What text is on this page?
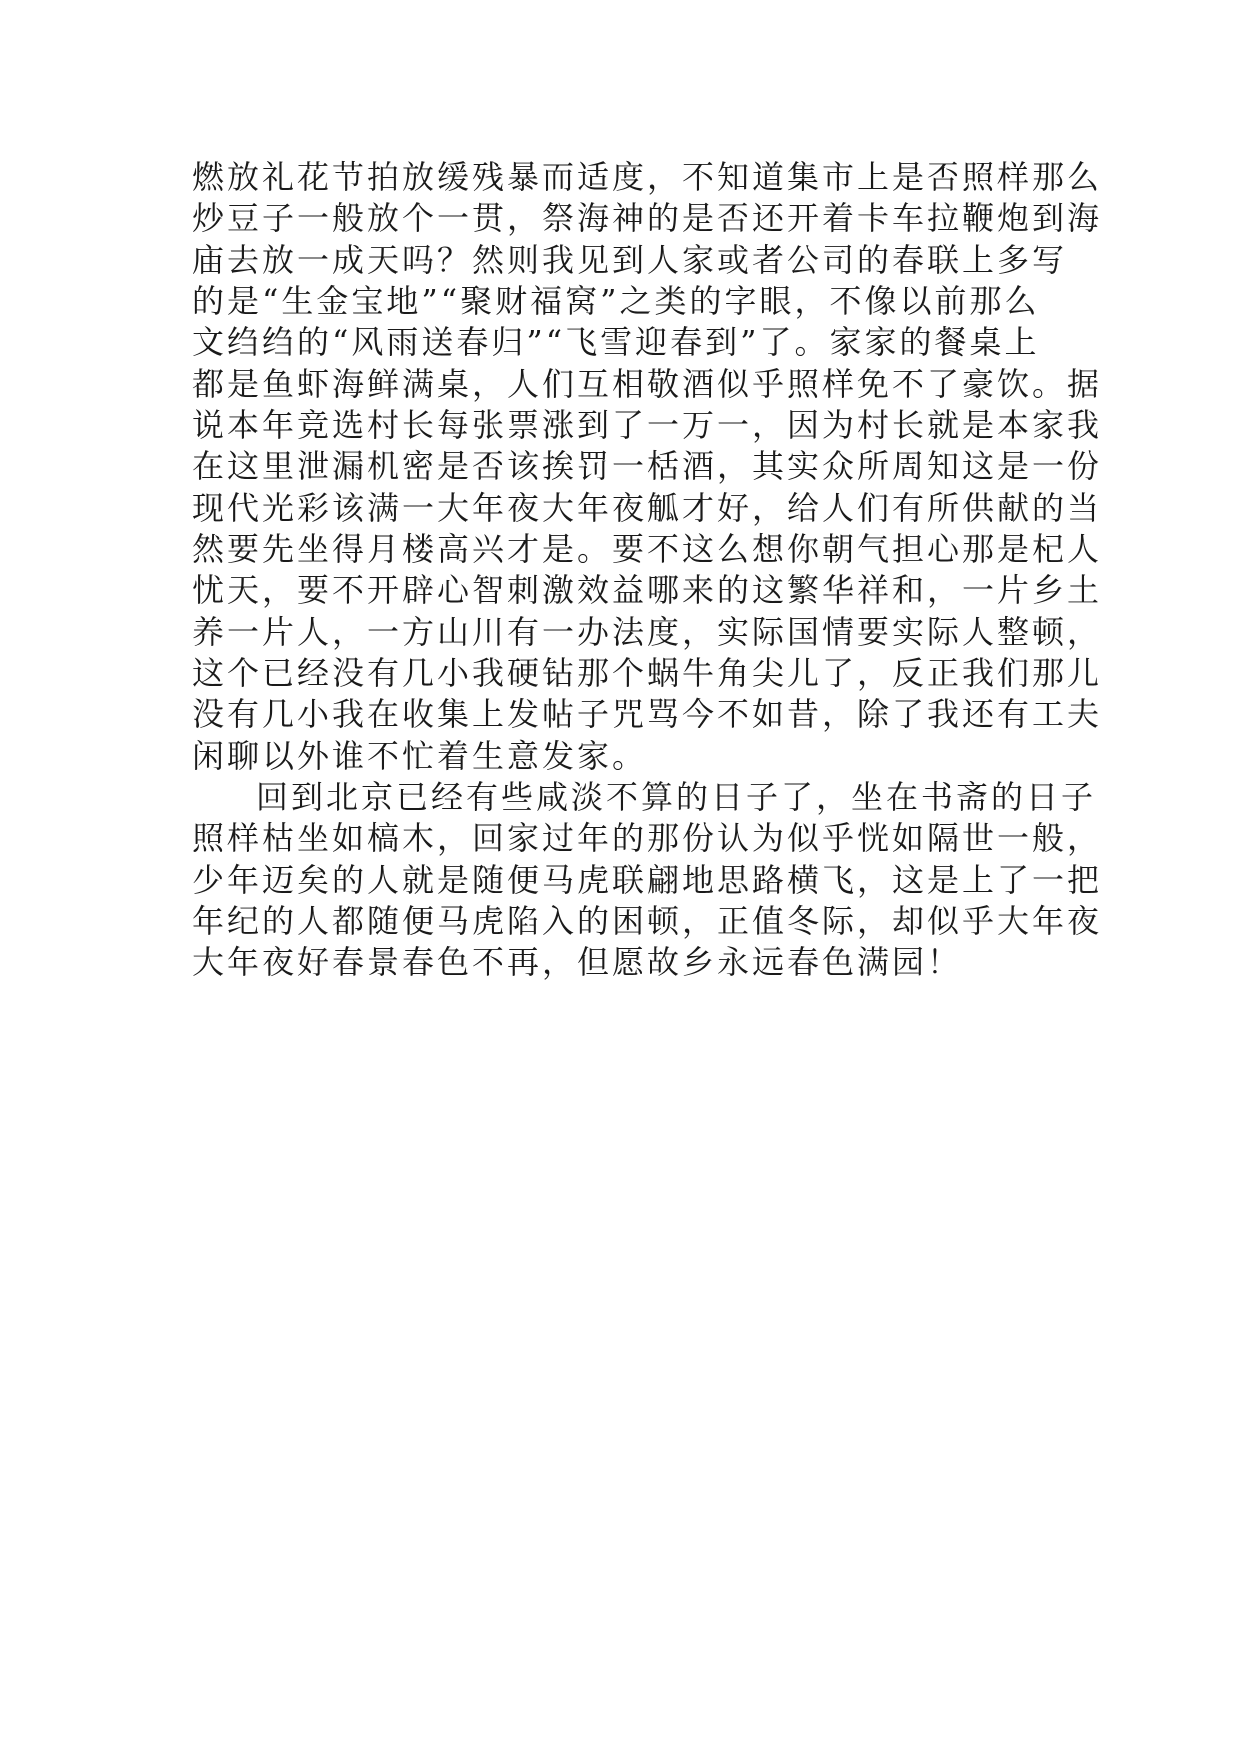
燃放礼花节拍放缓残暴而适度，不知道集市上是否照样那么
炒豆子一般放个一贯，祭海神的是否还开着卡车拉鞭炮到海
庙去放一成天吗？然则我见到人家或者公司的春联上多写
的是“生金宝地”“聚财福窝”之类的字眼，不像以前那么
文绉绉的“风雨送春归”“飞雪迎春到”了。家家的餐桌上
都是鱼虾海鲜满桌，人们互相敬酒似乎照样免不了豪饮。据
说本年竞选村长每张票涨到了一万一，因为村长就是本家我
在这里泄漏机密是否该挨罚一栝酒，其实众所周知这是一份
现代光彩该满一大年夜大年夜觚才好，给人们有所供献的当
然要先坐得月楼高兴才是。要不这么想你朝气担心那是杞人
忧天，要不开辟心智刺激效益哪来的这繁华祥和，一片乡土
养一片人，一方山川有一办法度，实际国情要实际人整顿，
这个已经没有几小我硬钻那个蜗牛角尖儿了，反正我们那儿
没有几小我在收集上发帖子咒骂今不如昔，除了我还有工夫
闲聊以外谁不忙着生意发家。
回到北京已经有些咸淡不算的日子了，坐在书斋的日子
照样枯坐如槁木，回家过年的那份认为似乎恍如隔世一般，
少年迈矣的人就是随便马虎联翩地思路横飞，这是上了一把
年纪的人都随便马虎陷入的困顿，正值冬际，却似乎大年夜
大年夜好春景春色不再，但愿故乡永远春色满园！
